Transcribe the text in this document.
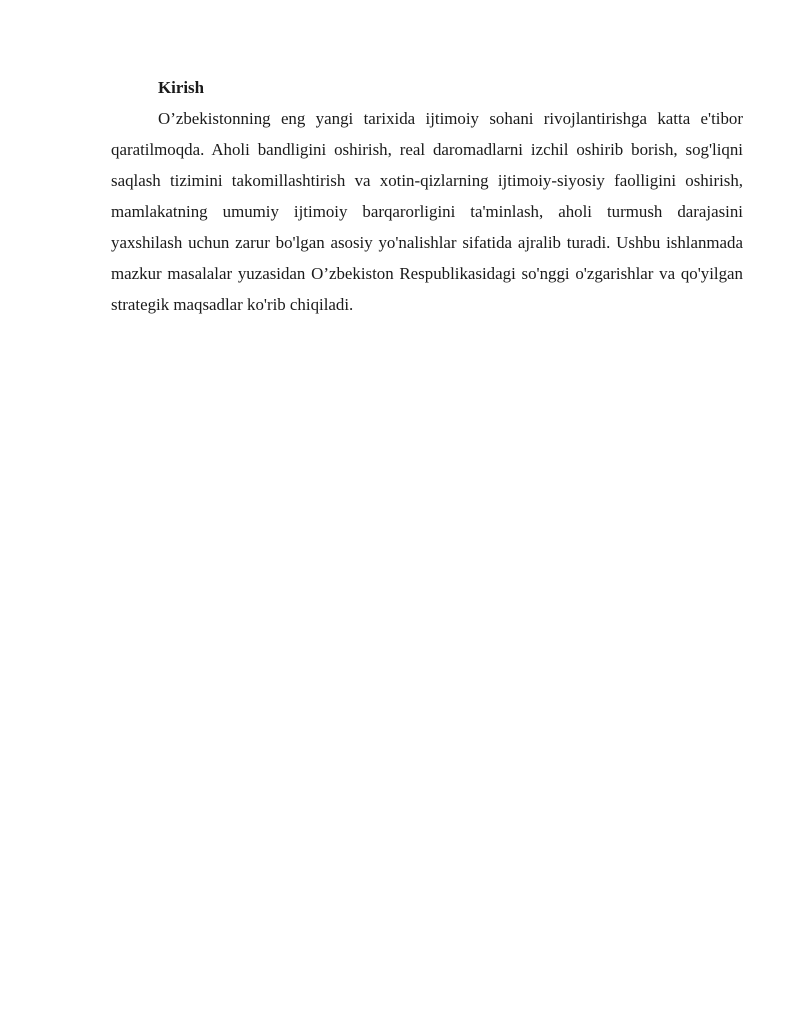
Kirish

O’zbekistonning eng yangi tarixida ijtimoiy sohani rivojlantirishga katta e'tibor qaratilmoqda. Aholi bandligini oshirish, real daromadlarni izchil oshirib borish, sog'liqni saqlash tizimini takomillashtirish va xotin-qizlarning ijtimoiy-siyosiy faolligini oshirish, mamlakatning umumiy ijtimoiy barqarorligini ta'minlash, aholi turmush darajasini yaxshilash uchun zarur bo'lgan asosiy yo'nalishlar sifatida ajralib turadi. Ushbu ishlanmada mazkur masalalar yuzasidan O’zbekiston Respublikasidagi so'nggi o'zgarishlar va qo'yilgan strategik maqsadlar ko'rib chiqiladi.
